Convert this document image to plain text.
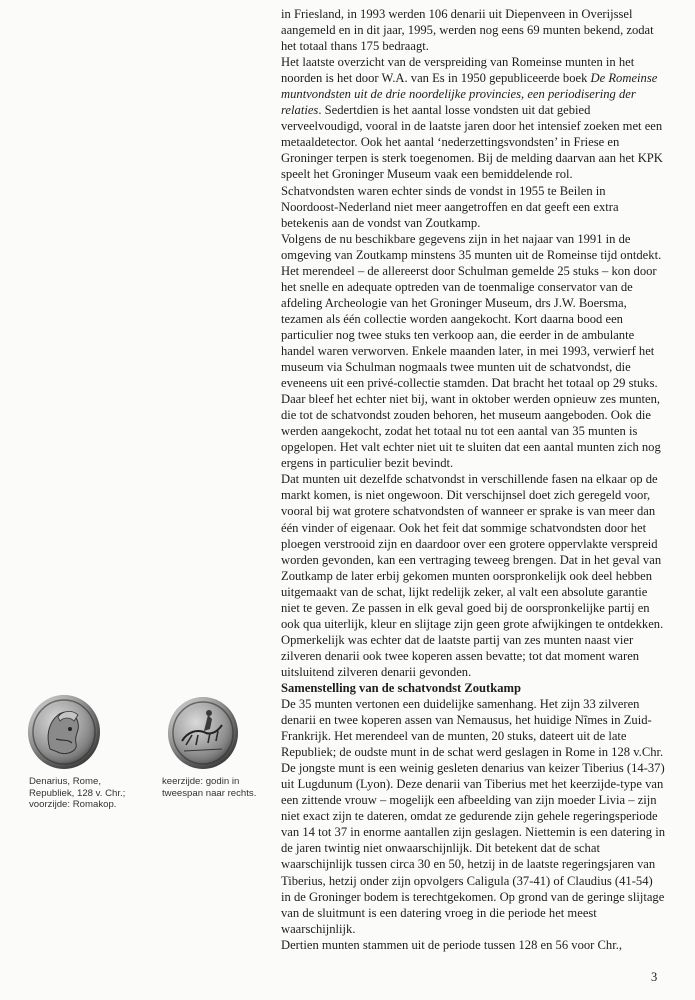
Denarius, Rome, Republiek, 128 v. Chr.; voorzijde: Romakop.
keerzijde: godin in tweespan naar rechts.

in Friesland, in 1993 werden 106 denarii uit Diepenveen in Overijssel aangemeld en in dit jaar, 1995, werden nog eens 69 munten bekend, zodat het totaal thans 175 bedraagt.

Het laatste overzicht van de verspreiding van Romeinse munten in het noorden is het door W.A. van Es in 1950 gepubliceerde boek De Romeinse muntvondsten uit de drie noordelijke provincies, een periodisering der relaties. Sedertdien is het aantal losse vondsten uit dat gebied verveelvoudigd, vooral in de laatste jaren door het intensief zoeken met een metaaldetector. Ook het aantal ‘nederzettingsvondsten’ in Friese en Groninger terpen is sterk toegenomen. Bij de melding daarvan aan het KPK speelt het Groninger Museum vaak een bemiddelende rol.

Schatvondsten waren echter sinds de vondst in 1955 te Beilen in Noordoost-Nederland niet meer aangetroffen en dat geeft een extra betekenis aan de vondst van Zoutkamp.

Volgens de nu beschikbare gegevens zijn in het najaar van 1991 in de omgeving van Zoutkamp minstens 35 munten uit de Romeinse tijd ontdekt. Het merendeel – de allereerst door Schulman gemelde 25 stuks – kon door het snelle en adequate optreden van de toenmalige conservator van de afdeling Archeologie van het Groninger Museum, drs J.W. Boersma, tezamen als één collectie worden aangekocht. Kort daarna bood een particulier nog twee stuks ten verkoop aan, die eerder in de ambulante handel waren verworven. Enkele maanden later, in mei 1993, verwierf het museum via Schulman nogmaals twee munten uit de schatvondst, die eveneens uit een privé-collectie stamden. Dat bracht het totaal op 29 stuks. Daar bleef het echter niet bij, want in oktober werden opnieuw zes munten, die tot de schatvondst zouden behoren, het museum aangeboden. Ook die werden aangekocht, zodat het totaal nu tot een aantal van 35 munten is opgelopen. Het valt echter niet uit te sluiten dat een aantal munten zich nog ergens in particulier bezit bevindt.

Dat munten uit dezelfde schatvondst in verschillende fasen na elkaar op de markt komen, is niet ongewoon. Dit verschijnsel doet zich geregeld voor, vooral bij wat grotere schatvondsten of wanneer er sprake is van meer dan één vinder of eigenaar. Ook het feit dat sommige schatvondsten door het ploegen verstrooid zijn en daardoor over een grotere oppervlakte verspreid worden gevonden, kan een vertraging teweeg brengen. Dat in het geval van Zoutkamp de later erbij gekomen munten oorspronkelijk ook deel hebben uitgemaakt van de schat, lijkt redelijk zeker, al valt een absolute garantie niet te geven. Ze passen in elk geval goed bij de oorspronkelijke partij en ook qua uiterlijk, kleur en slijtage zijn geen grote afwijkingen te ontdekken. Opmerkelijk was echter dat de laatste partij van zes munten naast vier zilveren denarii ook twee koperen assen bevatte; tot dat moment waren uitsluitend zilveren denarii gevonden.

Samenstelling van de schatvondst Zoutkamp

De 35 munten vertonen een duidelijke samenhang. Het zijn 33 zilveren denarii en twee koperen assen van Nemausus, het huidige Nîmes in Zuid-Frankrijk. Het merendeel van de munten, 20 stuks, dateert uit de late Republiek; de oudste munt in de schat werd geslagen in Rome in 128 v.Chr. De jongste munt is een weinig gesleten denarius van keizer Tiberius (14-37) uit Lugdunum (Lyon). Deze denarii van Tiberius met het keerzijde-type van een zittende vrouw – mogelijk een afbeelding van zijn moeder Livia – zijn niet exact zijn te dateren, omdat ze gedurende zijn gehele regeringsperiode van 14 tot 37 in enorme aantallen zijn geslagen. Niettemin is een datering in de jaren twintig niet onwaarschijnlijk. Dit betekent dat de schat waarschijnlijk tussen circa 30 en 50, hetzij in de laatste regeringsjaren van Tiberius, hetzij onder zijn opvolgers Caligula (37-41) of Claudius (41-54) in de Groninger bodem is terechtgekomen. Op grond van de geringe slijtage van de sluitmunt is een datering vroeg in die periode het meest waarschijnlijk.

Dertien munten stammen uit de periode tussen 128 en 56 voor Chr.,

3
